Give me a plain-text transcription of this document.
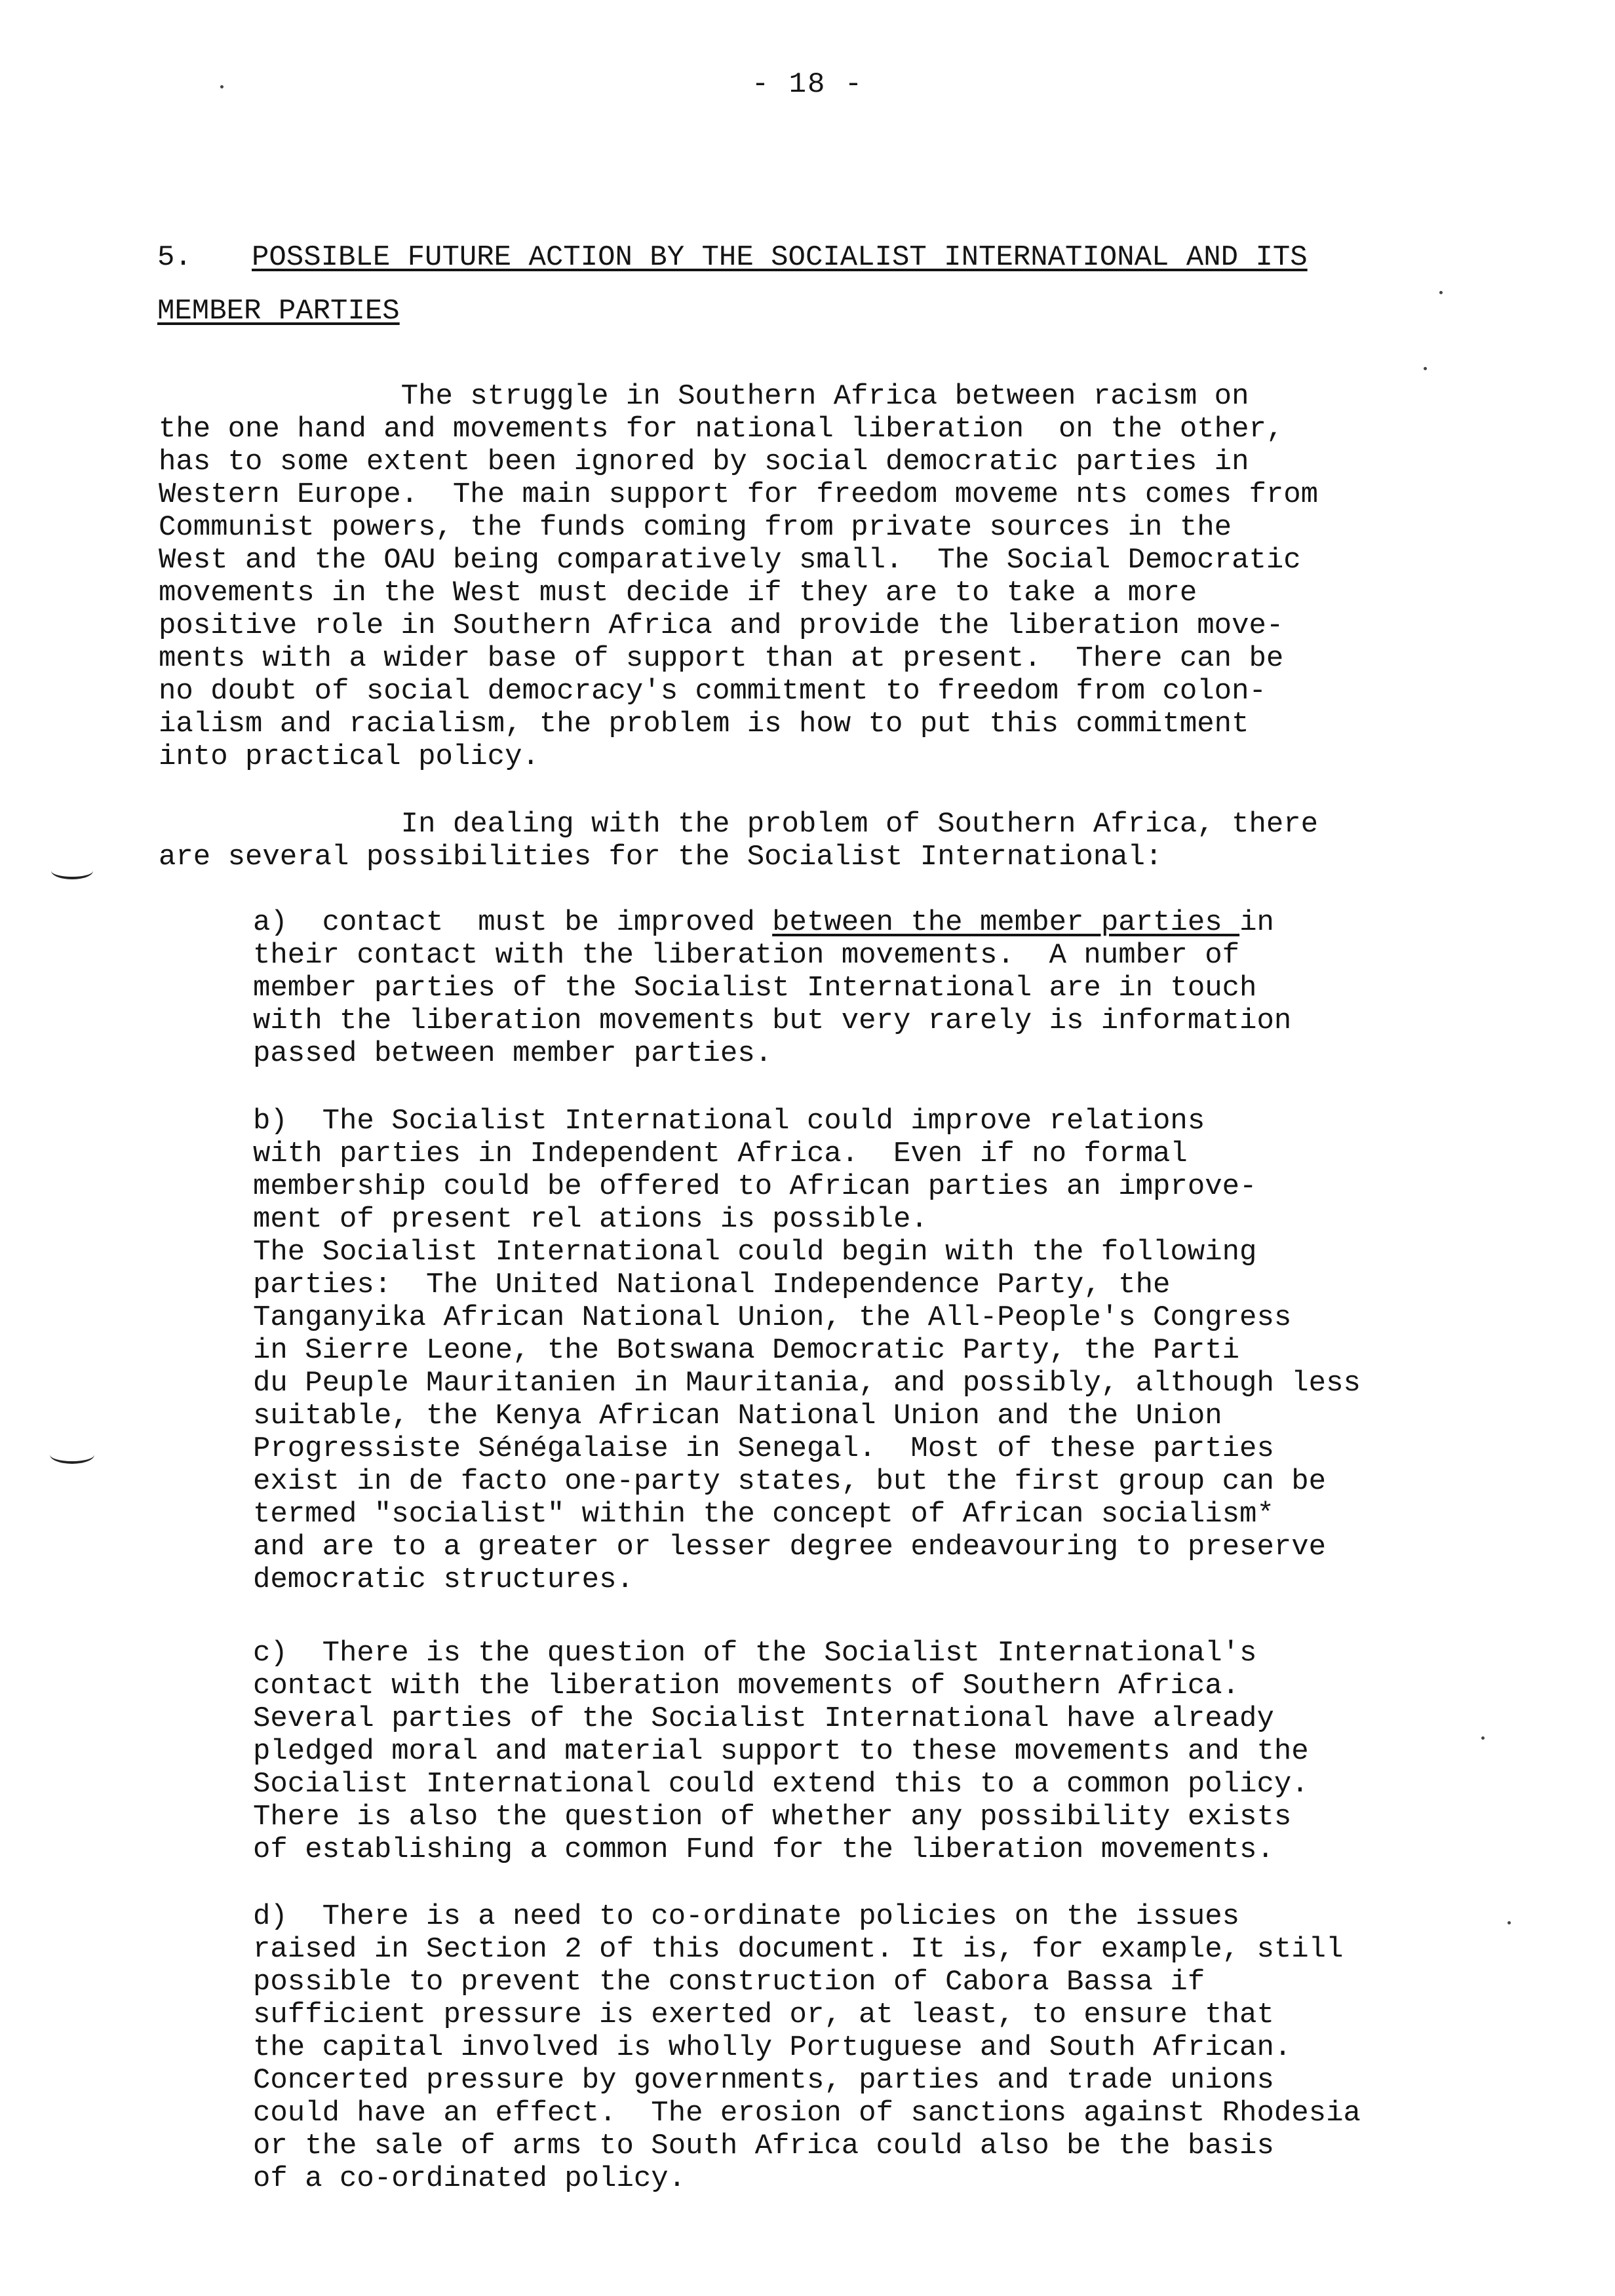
- 18 -
5. POSSIBLE FUTURE ACTION BY THE SOCIALIST INTERNATIONAL AND ITS
MEMBER PARTIES
The struggle in Southern Africa between racism on
the one hand and movements for national liberation  on the other,
has to some extent been ignored by social democratic parties in
Western Europe.  The main support for freedom moveme nts comes from
Communist powers, the funds coming from private sources in the
West and the OAU being comparatively small.  The Social Democratic
movements in the West must decide if they are to take a more
positive role in Southern Africa and provide the liberation move-
ments with a wider base of support than at present.  There can be
no doubt of social democracy's commitment to freedom from colon-
ialism and racialism, the problem is how to put this commitment
into practical policy.
In dealing with the problem of Southern Africa, there
are several possibilities for the Socialist International:
a)  contact  must be improved between the member parties in
their contact with the liberation movements.  A number of
member parties of the Socialist International are in touch
with the liberation movements but very rarely is information
passed between member parties.
b)  The Socialist International could improve relations
with parties in Independent Africa.  Even if no formal
membership could be offered to African parties an improve-
ment of present rel ations is possible.
The Socialist International could begin with the following
parties:  The United National Independence Party, the
Tanganyika African National Union, the All-People's Congress
in Sierre Leone, the Botswana Democratic Party, the Parti
du Peuple Mauritanien in Mauritania, and possibly, although less
suitable, the Kenya African National Union and the Union
Progressiste Sénégalaise in Senegal.  Most of these parties
exist in de facto one-party states, but the first group can be
termed "socialist" within the concept of African socialism*
and are to a greater or lesser degree endeavouring to preserve
democratic structures.
c)  There is the question of the Socialist International's
contact with the liberation movements of Southern Africa.
Several parties of the Socialist International have already
pledged moral and material support to these movements and the
Socialist International could extend this to a common policy.
There is also the question of whether any possibility exists
of establishing a common Fund for the liberation movements.
d)  There is a need to co-ordinate policies on the issues
raised in Section 2 of this document. It is, for example, still
possible to prevent the construction of Cabora Bassa if
sufficient pressure is exerted or, at least, to ensure that
the capital involved is wholly Portuguese and South African.
Concerted pressure by governments, parties and trade unions
could have an effect.  The erosion of sanctions against Rhodesia
or the sale of arms to South Africa could also be the basis
of a co-ordinated policy.
